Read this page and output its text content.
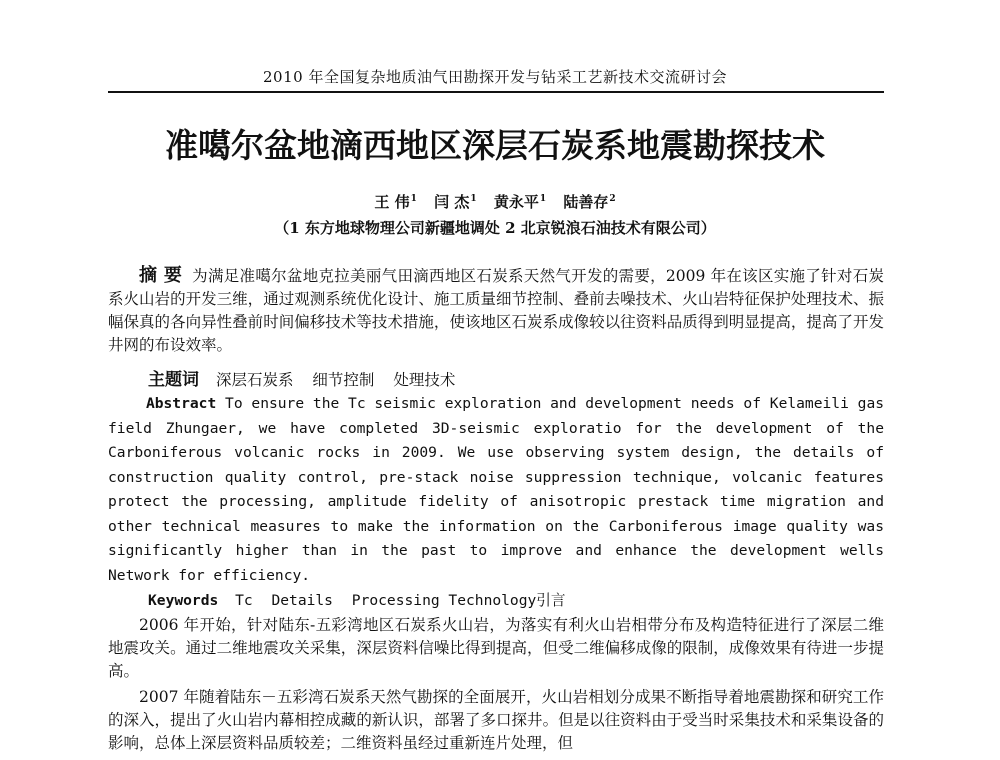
2010 年全国复杂地质油气田勘探开发与钻采工艺新技术交流研讨会
准噶尔盆地滴西地区深层石炭系地震勘探技术
王 伟$^1$ 闫 杰$^1$ 黄永平$^1$ 陆善存$^2$
（1 东方地球物理公司新疆地调处 2 北京锐浪石油技术有限公司）
摘 要 为满足准噶尔盆地克拉美丽气田滴西地区石炭系天然气开发的需要，2009 年在该区实施了针对石炭系火山岩的开发三维，通过观测系统优化设计、施工质量细节控制、叠前去噪技术、火山岩特征保护处理技术、振幅保真的各向异性叠前时间偏移技术等技术措施，使该地区石炭系成像较以往资料品质得到明显提高，提高了开发井网的布设效率。
主题词 深层石炭系 细节控制 处理技术
Abstract To ensure the Tc seismic exploration and development needs of Kelameili gas field Zhungaer, we have completed 3D-seismic exploratio for the development of the Carboniferous volcanic rocks in 2009. We use observing system design, the details of construction quality control, pre-stack noise suppression technique, volcanic features protect the processing, amplitude fidelity of anisotropic prestack time migration and other technical measures to make the information on the Carboniferous image quality was significantly higher than in the past to improve and enhance the development wells Network for efficiency.
Keywords Tc Details Processing Technology引言
2006 年开始，针对陆东-五彩湾地区石炭系火山岩，为落实有利火山岩相带分布及构造特征进行了深层二维地震攻关。通过二维地震攻关采集，深层资料信噪比得到提高，但受二维偏移成像的限制，成像效果有待进一步提高。
2007 年随着陆东－五彩湾石炭系天然气勘探的全面展开，火山岩相划分成果不断指导着地震勘探和研究工作的深入，提出了火山岩内幕相控成藏的新认识，部署了多口探井。但是以往资料由于受当时采集技术和采集设备的影响，总体上深层资料品质较差；二维资料虽经过重新连片处理，但
